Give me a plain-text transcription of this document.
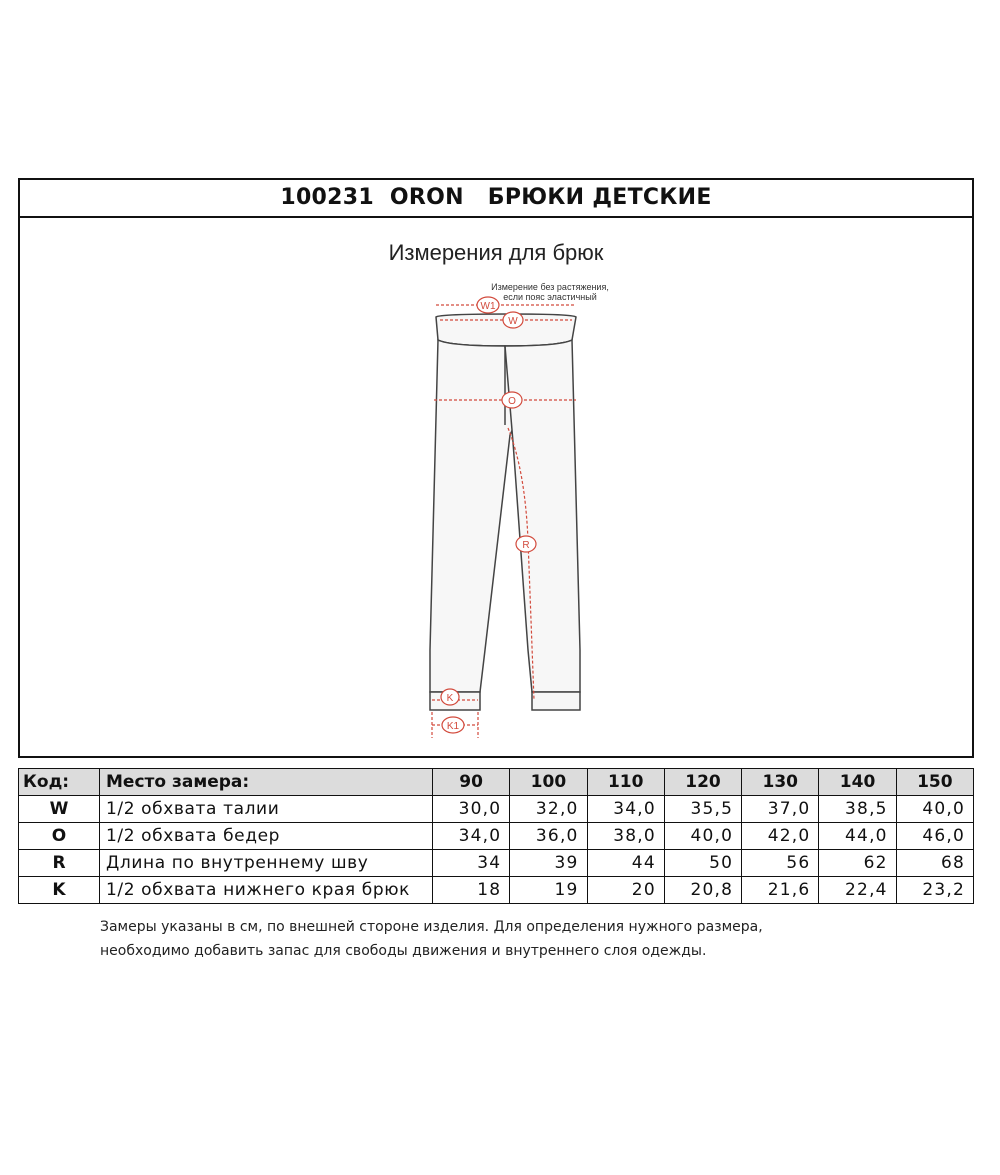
100231 ORON БРЮКИ ДЕТСКИЕ
Измерения для брюк
Измерение без растяжения,
если пояс эластичный
W1
W
O
R
K
K1
Код:	Место замера:	90	100	110	120	130	140	150
W	1/2 обхвата талии	30,0	32,0	34,0	35,5	37,0	38,5	40,0
O	1/2 обхвата бедер	34,0	36,0	38,0	40,0	42,0	44,0	46,0
R	Длина по внутреннему шву	34	39	44	50	56	62	68
K	1/2 обхвата нижнего края брюк	18	19	20	20,8	21,6	22,4	23,2
Замеры указаны в см, по внешней стороне изделия. Для определения нужного размера,
необходимо добавить запас для свободы движения и внутреннего слоя одежды.
